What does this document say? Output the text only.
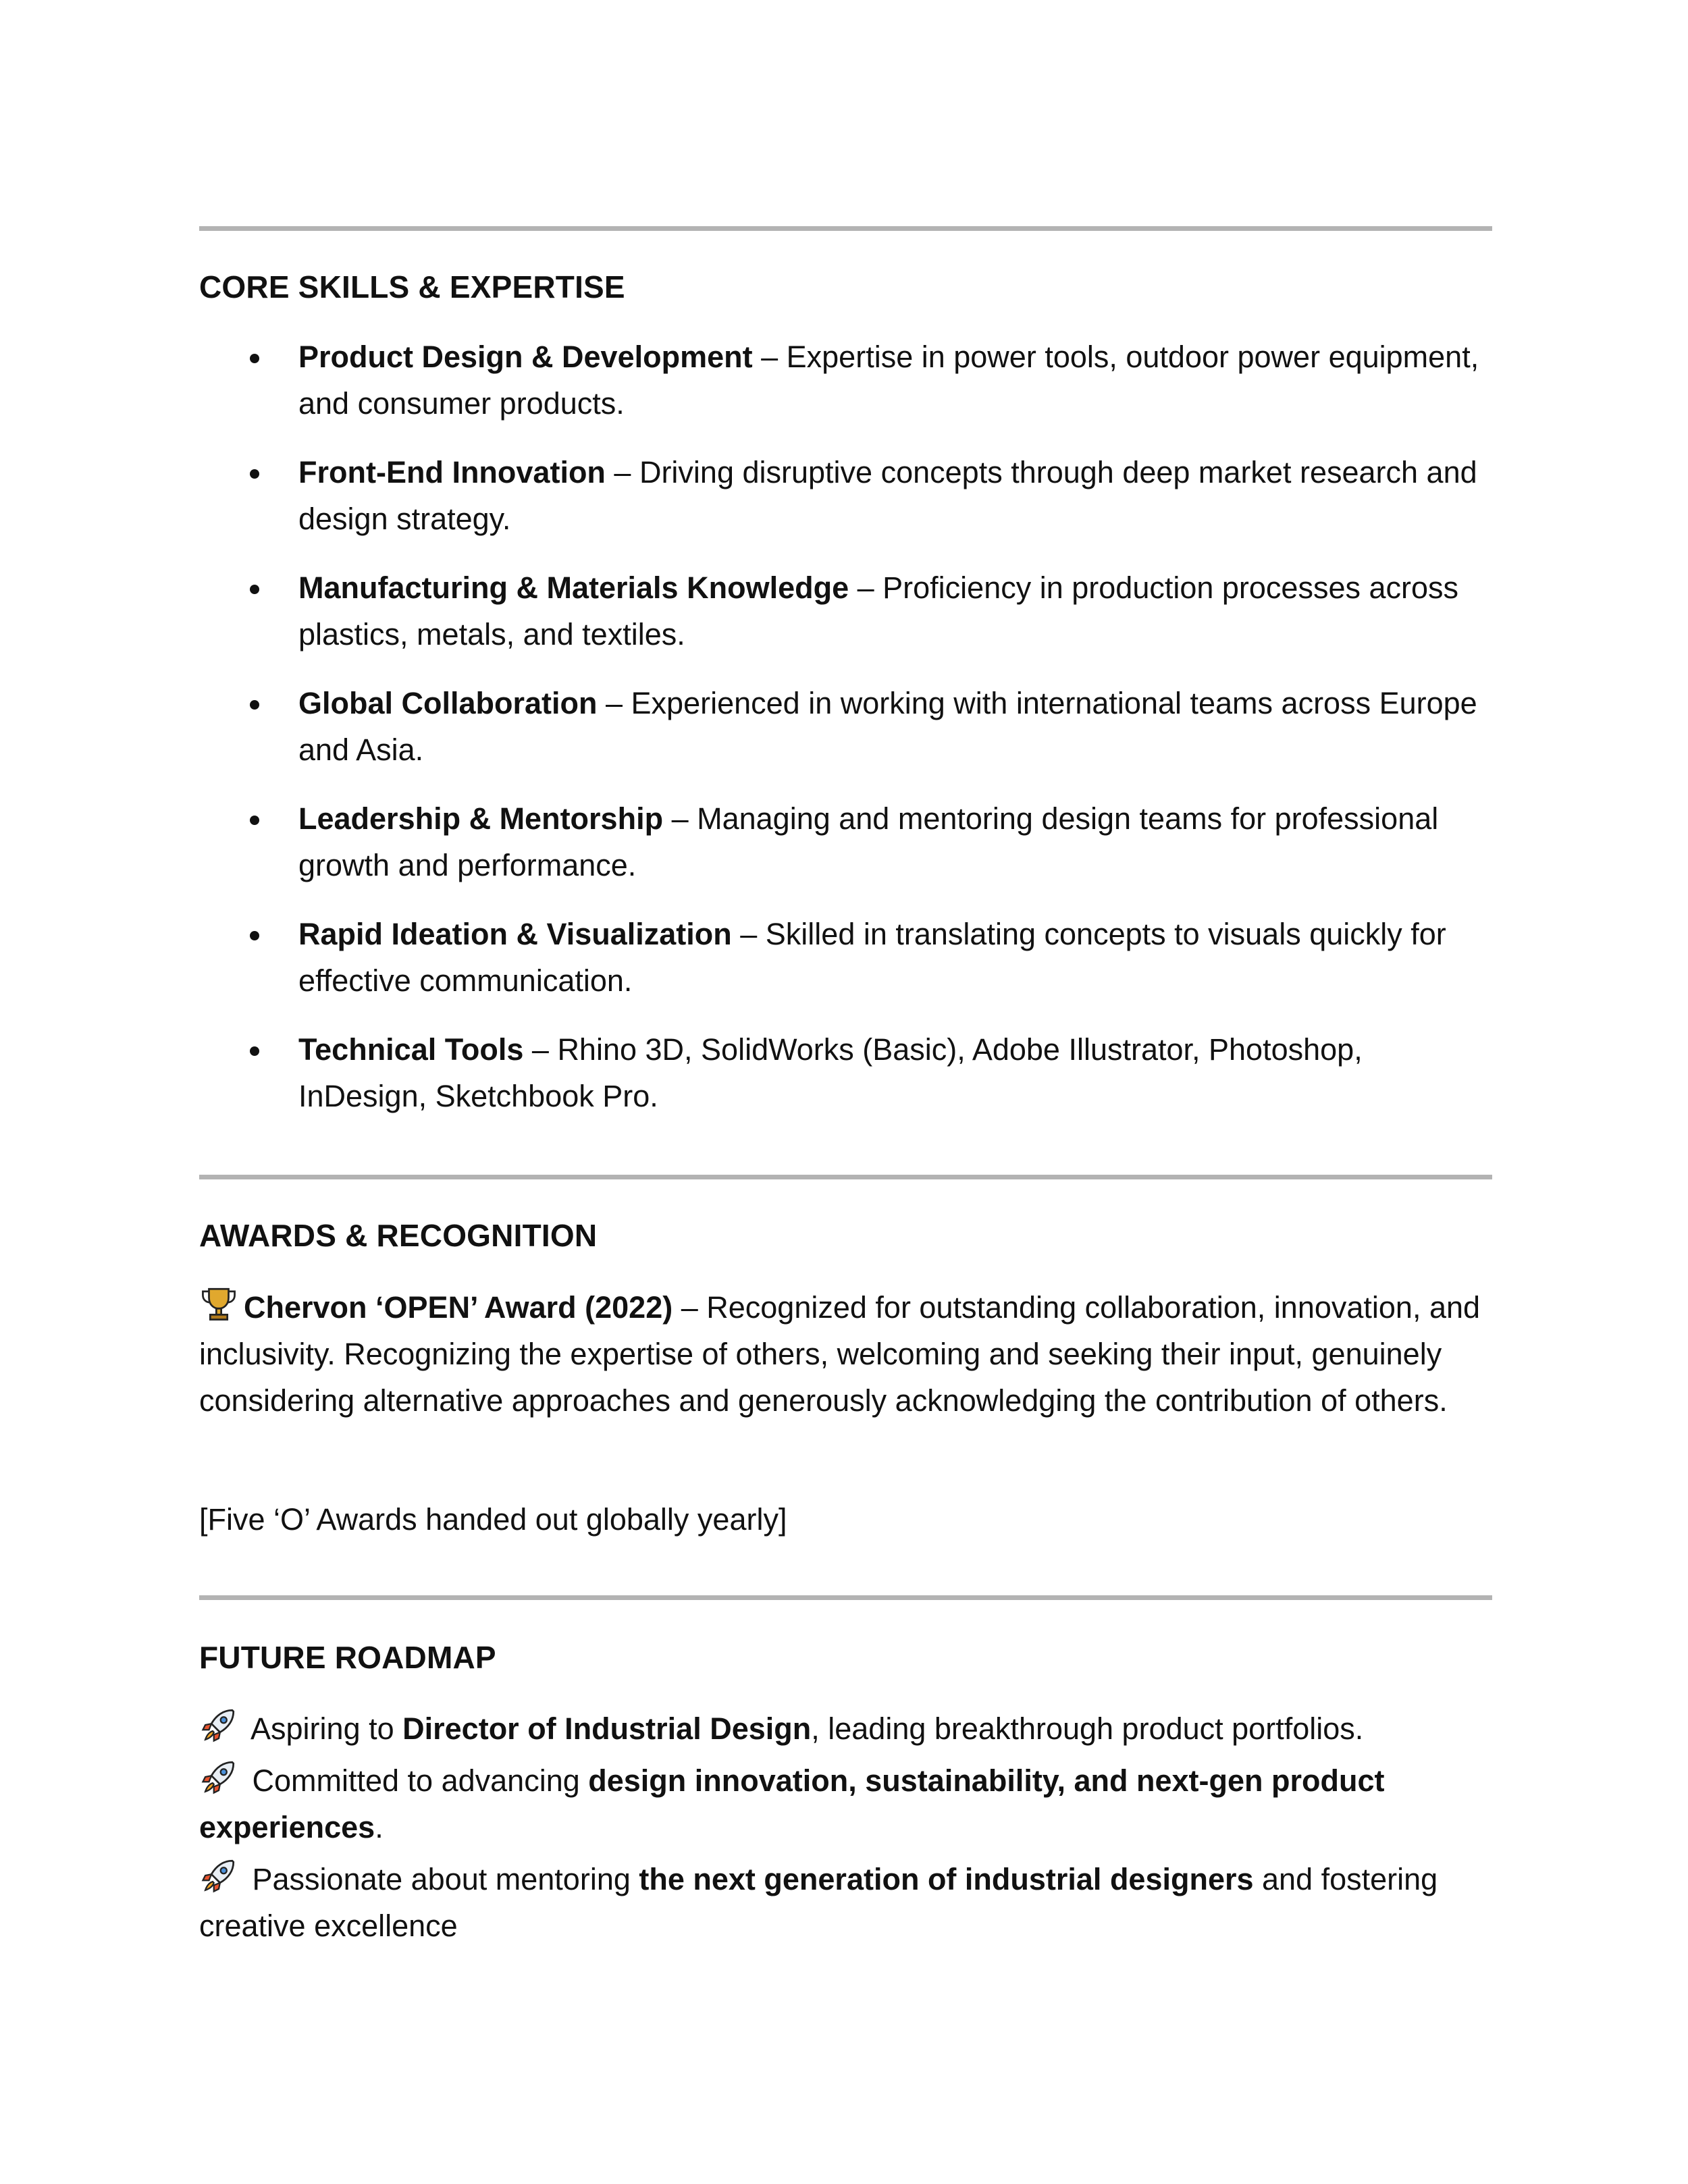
CORE SKILLS & EXPERTISE
Product Design & Development – Expertise in power tools, outdoor power equipment, and consumer products.
Front-End Innovation – Driving disruptive concepts through deep market research and design strategy.
Manufacturing & Materials Knowledge – Proficiency in production processes across plastics, metals, and textiles.
Global Collaboration – Experienced in working with international teams across Europe and Asia.
Leadership & Mentorship – Managing and mentoring design teams for professional growth and performance.
Rapid Ideation & Visualization – Skilled in translating concepts to visuals quickly for effective communication.
Technical Tools – Rhino 3D, SolidWorks (Basic), Adobe Illustrator, Photoshop, InDesign, Sketchbook Pro.
AWARDS & RECOGNITION

Chervon ‘OPEN’ Award (2022) – Recognized for outstanding collaboration, innovation, and inclusivity. Recognizing the expertise of others, welcoming and seeking their input, genuinely considering alternative approaches and generously acknowledging the contribution of others.

[Five ‘O’ Awards handed out globally yearly]

FUTURE ROADMAP

Aspiring to Director of Industrial Design, leading breakthrough product portfolios.

Committed to advancing design innovation, sustainability, and next-gen product experiences.

Passionate about mentoring the next generation of industrial designers and fostering creative excellence
